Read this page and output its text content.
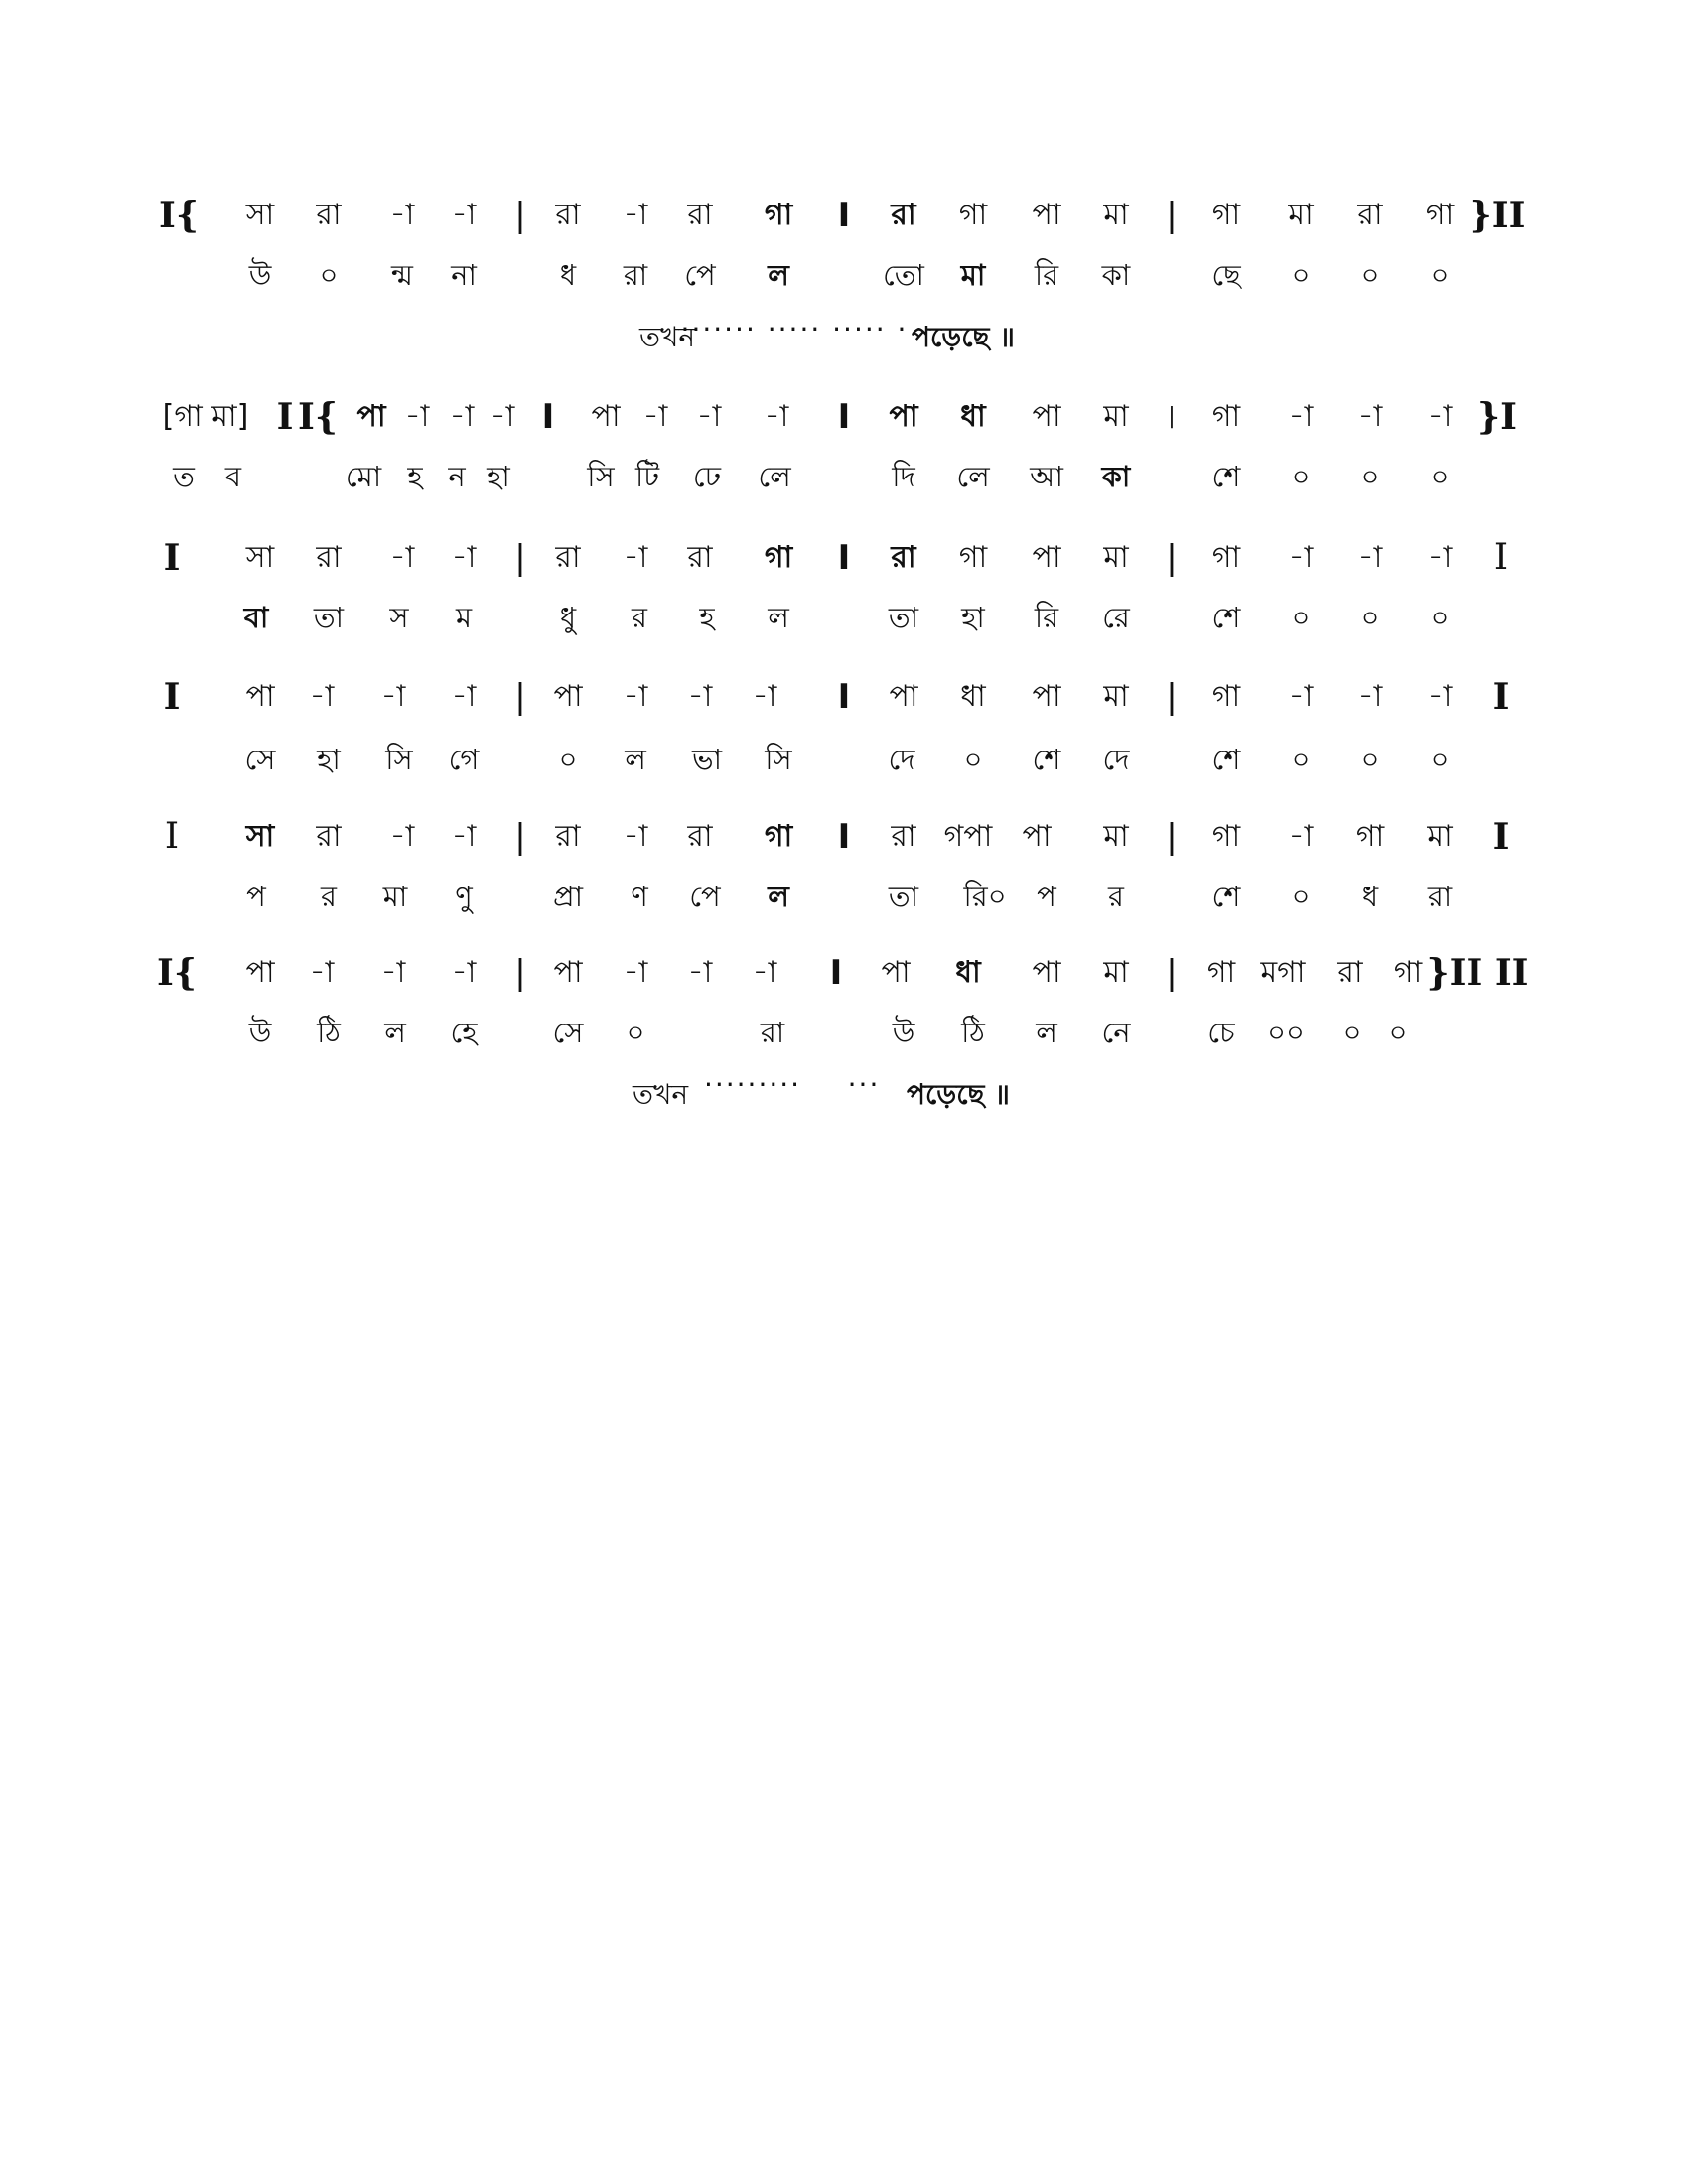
I{ সা রা -া -া | রা -া রা গা I রা গা পা মা | গা মা রা গা }II
উ ০ ন্ম না	ধ রা পে ল	তো মা রি কা	ছে ০ ০ ০
তখন
······· ····· ····· · পড়েছে ॥
[গা মা] I I{ পা -া -া -া I পা -া -া -া I পা ধা পা মা | গা -া -া -া }I
ত ব	মো হ ন হা	সি টি ঢে লে	দি লে আ কা	শে ০ ০ ০
I সা রা -া -া | রা -া রা গা I রা গা পা মা | গা -া -া -া I
বা তা স ম	ধু র হ ল	তা হা রি রে	শে ০ ০ ০
I পা -া -া -া | পা -া -া -া I পা ধা পা মা | গা -া -া -া I
সে হা সি গে	০ ল ভা সি	দে ০ শে দে	শে ০ ০ ০
I সা রা -া -া | রা -া রা গা I রা গপা পা মা | গা -া গা মা I
প র মা ণু	প্রা ণ পে ল	তা রি০ প র	শে ০ ধ রা
I{ পা -া -া -া | পা -া -া -া I পা ধা পা মা | গা মগা রা গা }II II
উ ঠি ল হে	সে ০	রা	উ ঠি ল নে	চে ০০ ০ ০
তখন ········· ··· পড়েছে ॥
